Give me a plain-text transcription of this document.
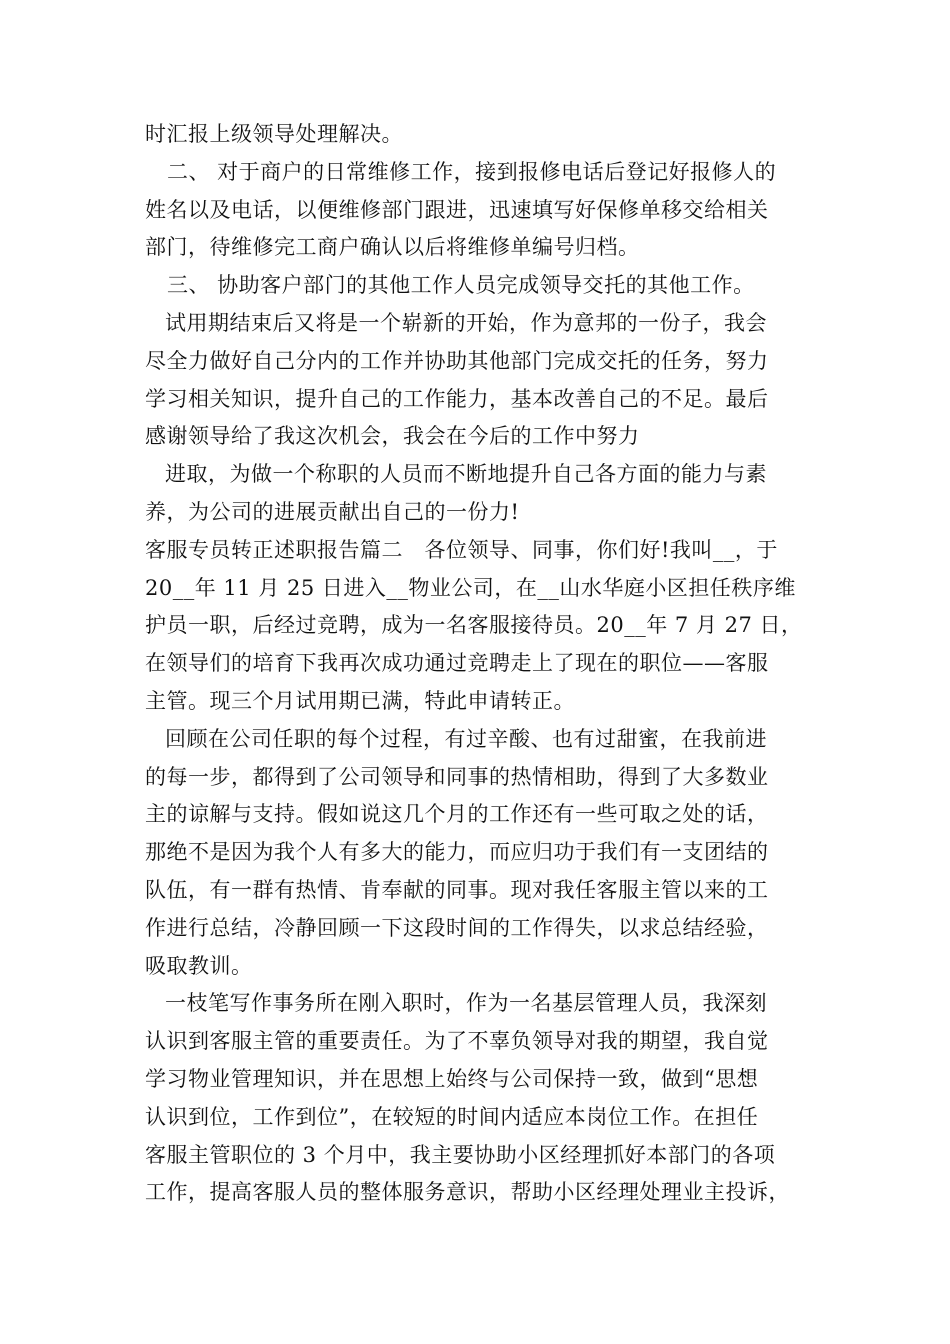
时汇报上级领导处理解决。
二、 对于商户的日常维修工作，接到报修电话后登记好报修人的
姓名以及电话，以便维修部门跟进，迅速填写好保修单移交给相关
部门，待维修完工商户确认以后将维修单编号归档。
三、 协助客户部门的其他工作人员完成领导交托的其他工作。
试用期结束后又将是一个崭新的开始，作为意邦的一份子，我会
尽全力做好自己分内的工作并协助其他部门完成交托的任务，努力
学习相关知识，提升自己的工作能力，基本改善自己的不足。最后
感谢领导给了我这次机会，我会在今后的工作中努力
进取，为做一个称职的人员而不断地提升自己各方面的能力与素
养，为公司的进展贡献出自己的一份力!
客服专员转正述职报告篇二　各位领导、同事，你们好!我叫__，于
20__年 11 月 25 日进入__物业公司，在__山水华庭小区担任秩序维
护员一职，后经过竞聘，成为一名客服接待员。20__年 7 月 27 日，
在领导们的培育下我再次成功通过竞聘走上了现在的职位——客服
主管。现三个月试用期已满，特此申请转正。
回顾在公司任职的每个过程，有过辛酸、也有过甜蜜，在我前进
的每一步，都得到了公司领导和同事的热情相助，得到了大多数业
主的谅解与支持。假如说这几个月的工作还有一些可取之处的话，
那绝不是因为我个人有多大的能力，而应归功于我们有一支团结的
队伍，有一群有热情、肯奉献的同事。现对我任客服主管以来的工
作进行总结，冷静回顾一下这段时间的工作得失，以求总结经验，
吸取教训。
一枝笔写作事务所在刚入职时，作为一名基层管理人员，我深刻
认识到客服主管的重要责任。为了不辜负领导对我的期望，我自觉
学习物业管理知识，并在思想上始终与公司保持一致，做到“思想
认识到位，工作到位”，在较短的时间内适应本岗位工作。在担任
客服主管职位的 3 个月中，我主要协助小区经理抓好本部门的各项
工作，提高客服人员的整体服务意识，帮助小区经理处理业主投诉，
